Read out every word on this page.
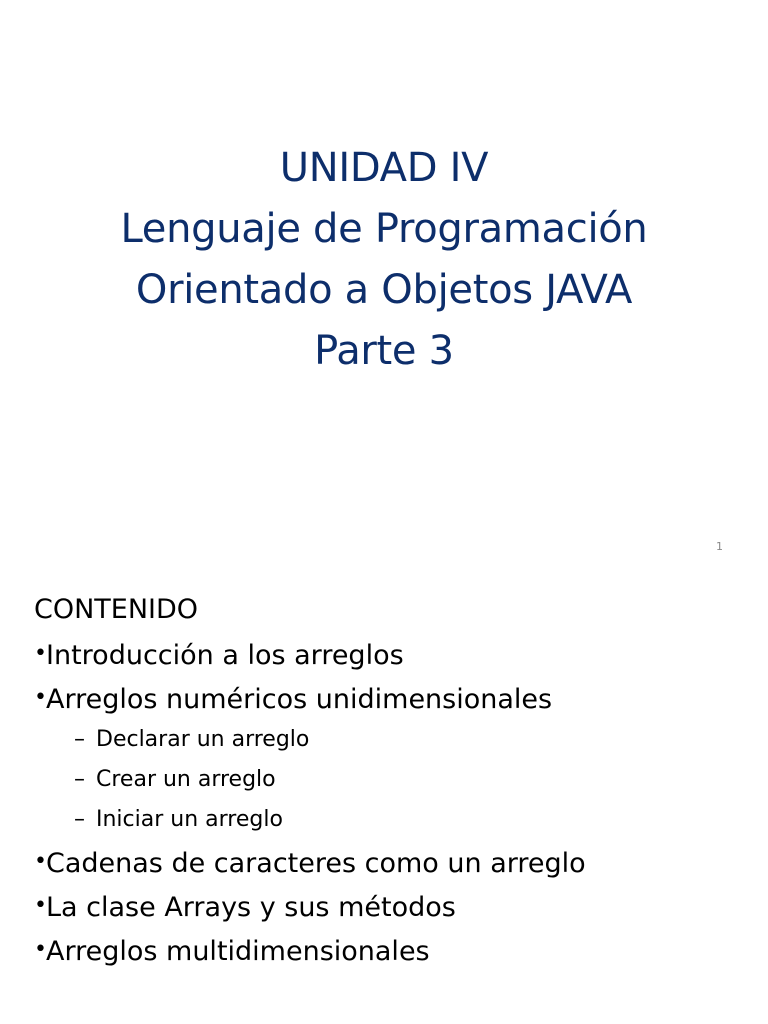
UNIDAD IV
Lenguaje de Programación
Orientado a Objetos JAVA
Parte 3
1
CONTENIDO
•Introducción a los arreglos
•Arreglos numéricos unidimensionales
– Declarar un arreglo
– Crear un arreglo
– Iniciar un arreglo
•Cadenas de caracteres como un arreglo
•La clase Arrays y sus métodos
•Arreglos multidimensionales
